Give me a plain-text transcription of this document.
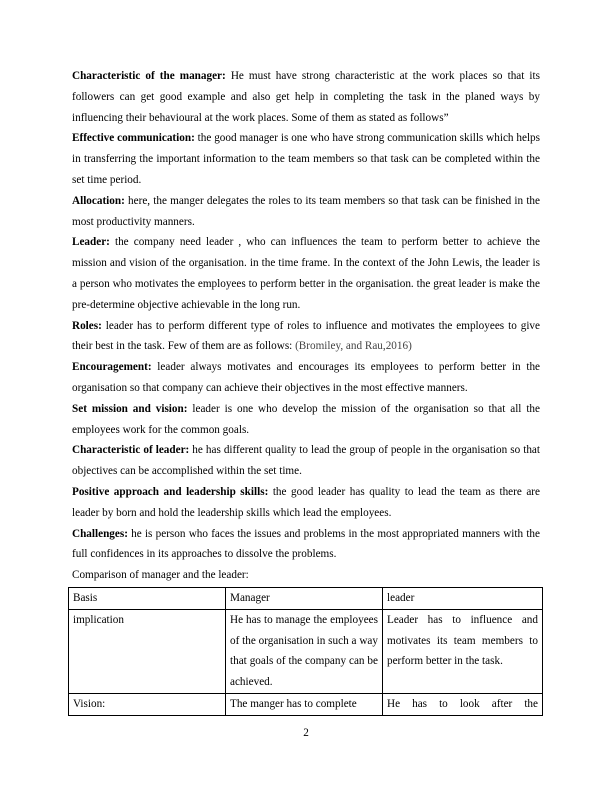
Characteristic of the manager: He must have strong characteristic at the work places so that its followers can get good example and also get help in completing the task in the planed ways by influencing their behavioural at the work places. Some of them as stated as follows”

Effective communication: the good manager is one who have strong communication skills which helps in transferring the important information to the team members so that task can be completed within the set time period.

Allocation: here, the manger delegates the roles to its team members so that task can be finished in the most productivity manners.

Leader: the company need leader , who can influences the team to perform better to achieve the mission and vision of the organisation. in the time frame. In the context of the John Lewis, the leader is a person who motivates the employees to perform better in the organisation. the great leader is make the pre-determine objective achievable in the long run.

Roles: leader has to perform different type of roles to influence and motivates the employees to give their best in the task. Few of them are as follows: (Bromiley, and Rau,2016)

Encouragement: leader always motivates and encourages its employees to perform better in the organisation so that company can achieve their objectives in the most effective manners.

Set mission and vision: leader is one who develop the mission of the organisation so that all the employees work for the common goals.

Characteristic of leader: he has different quality to lead the group of people in the organisation so that objectives can be accomplished within the set time.

Positive approach and leadership skills: the good leader has quality to lead the team as there are leader by born and hold the leadership skills which lead the employees.

Challenges: he is person who faces the issues and problems in the most appropriated manners with the full confidences in its approaches to dissolve the problems.

Comparison of manager and the leader:

Basis	Manager	leader
implication	He has to manage the employees of the organisation in such a way that goals of the company can be achieved.	Leader has to influence and motivates its team members to perform better in the task.
Vision:	The manger has to complete	He has to look after the
2
